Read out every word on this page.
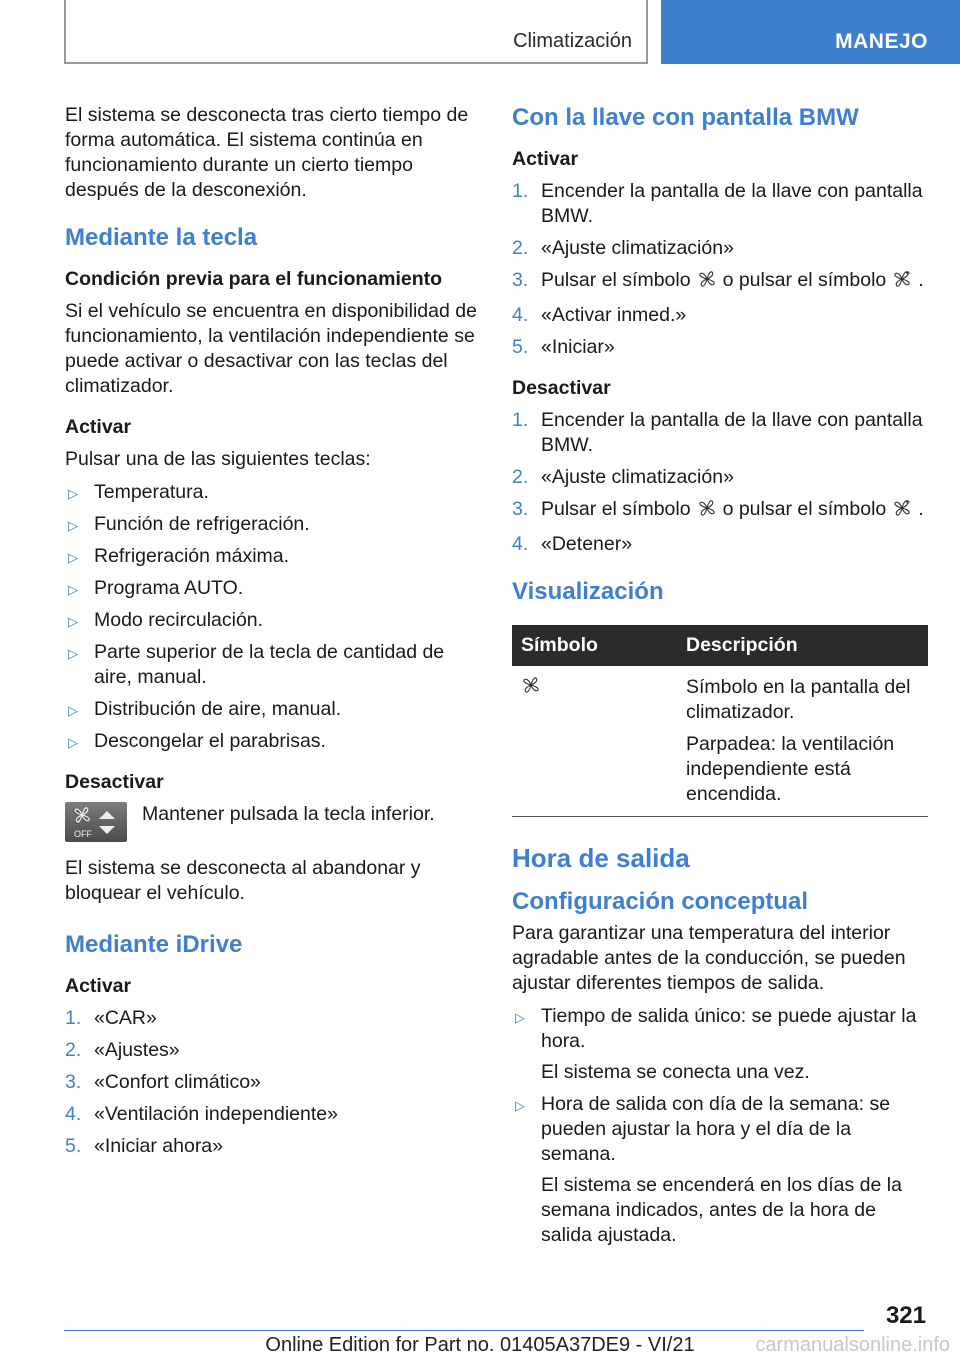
Climatización	MANEJO

El sistema se desconecta tras cierto tiempo de forma automática. El sistema continúa en funcionamiento durante un cierto tiempo después de la desconexión.

Mediante la tecla
Condición previa para el funcionamiento

Si el vehículo se encuentra en disponibilidad de funcionamiento, la ventilación independiente se puede activar o desactivar con las teclas del climatizador.

Activar

Pulsar una de las siguientes teclas:

▷ Temperatura.
▷ Función de refrigeración.
▷ Refrigeración máxima.
▷ Programa AUTO.
▷ Modo recirculación.
▷ Parte superior de la tecla de cantidad de aire, manual.
▷ Distribución de aire, manual.
▷ Descongelar el parabrisas.
Desactivar
OFF
Mantener pulsada la tecla inferior.

El sistema se desconecta al abandonar y bloquear el vehículo.

Mediante iDrive
Activar
1. «CAR»
2. «Ajustes»
3. «Confort climático»
4. «Ventilación independiente»
5. «Iniciar ahora»
Con la llave con pantalla BMW
Activar
1. Encender la pantalla de la llave con pantalla BMW.
2. «Ajuste climatización»
3. Pulsar el símbolo o pulsar el símbolo .
4. «Activar inmed.»
5. «Iniciar»
Desactivar
1. Encender la pantalla de la llave con pantalla BMW.
2. «Ajuste climatización»
3. Pulsar el símbolo o pulsar el símbolo .
4. «Detener»
Visualización
Símbolo	Descripción

Símbolo en la pantalla del climatizador.

Parpadea: la ventilación independiente está encendida.

Hora de salida
Configuración conceptual

Para garantizar una temperatura del interior agradable antes de la conducción, se pueden ajustar diferentes tiempos de salida.

▷ Tiempo de salida único: se puede ajustar la hora.

El sistema se conecta una vez.

▷ Hora de salida con día de la semana: se pueden ajustar la hora y el día de la semana.

El sistema se encenderá en los días de la semana indicados, antes de la hora de salida ajustada.

321
Online Edition for Part no. 01405A37DE9 - VI/21	carmanualsonline.info
